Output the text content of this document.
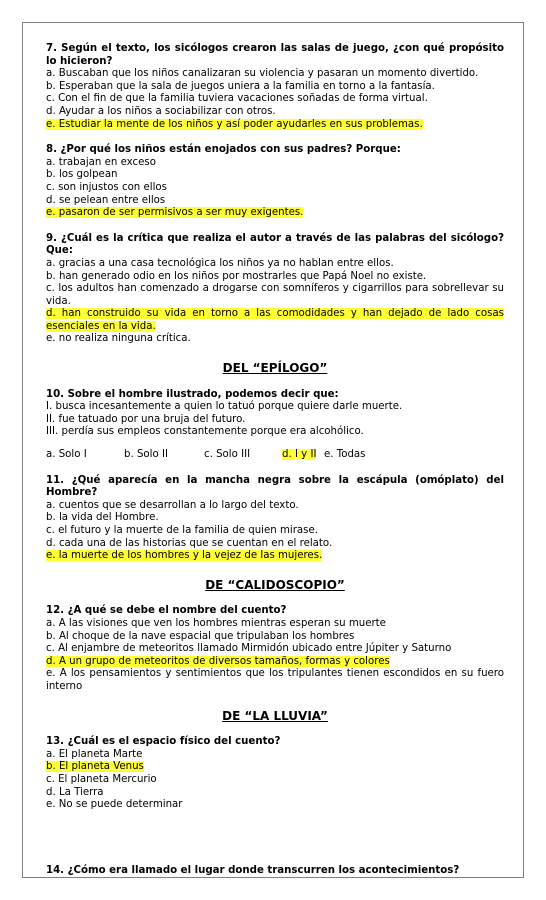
7. Según el texto, los sicólogos crearon las salas de juego, ¿con qué propósito lo hicieron?
a. Buscaban que los niños canalizaran su violencia y pasaran un momento divertido.
b. Esperaban que la sala de juegos uniera a la familia en torno a la fantasía.
c. Con el fin de que la familia tuviera vacaciones soñadas de forma virtual.
d. Ayudar a los niños a sociabilizar con otros.
e. Estudiar la mente de los niños y así poder ayudarles en sus problemas.
8. ¿Por qué los niños están enojados con sus padres? Porque:
a. trabajan en exceso
b. los golpean
c. son injustos con ellos
d. se pelean entre ellos
e. pasaron de ser permisivos a ser muy exigentes.
9. ¿Cuál es la crítica que realiza el autor a través de las palabras del sicólogo? Que:
a. gracias a una casa tecnológica los niños ya no hablan entre ellos.
b. han generado odio en los niños por mostrarles que Papá Noel no existe.
c. los adultos han comenzado a drogarse con somníferos y cigarrillos para sobrellevar su vida.
d. han construido su vida en torno a las comodidades y han dejado de lado cosas esenciales en la vida.
e. no realiza ninguna crítica.
DEL “EPÍLOGO”
10. Sobre el hombre ilustrado, podemos decir que:
I. busca incesantemente a quien lo tatuó porque quiere darle muerte.
II. fue tatuado por una bruja del futuro.
III. perdía sus empleos constantemente porque era alcohólico.
a. Solo I	b. Solo II	c. Solo III	d. I y II e. Todas
11. ¿Qué aparecía en la mancha negra sobre la escápula (omóplato) del Hombre?
a. cuentos que se desarrollan a lo largo del texto.
b. la vida del Hombre.
c. el futuro y la muerte de la familia de quien mirase.
d. cada una de las historias que se cuentan en el relato.
e. la muerte de los hombres y la vejez de las mujeres.
DE “CALIDOSCOPIO”
12. ¿A qué se debe el nombre del cuento?
a. A las visiones que ven los hombres mientras esperan su muerte
b. Al choque de la nave espacial que tripulaban los hombres
c. Al enjambre de meteoritos llamado Mirmidón ubicado entre Júpiter y Saturno
d. A un grupo de meteoritos de diversos tamaños, formas y colores
e. A los pensamientos y sentimientos que los tripulantes tienen escondidos en su fuero interno
DE “LA LLUVIA”
13. ¿Cuál es el espacio físico del cuento?
a. El planeta Marte
b. El planeta Venus
c. El planeta Mercurio
d. La Tierra
e. No se puede determinar
14. ¿Cómo era llamado el lugar donde transcurren los acontecimientos?
